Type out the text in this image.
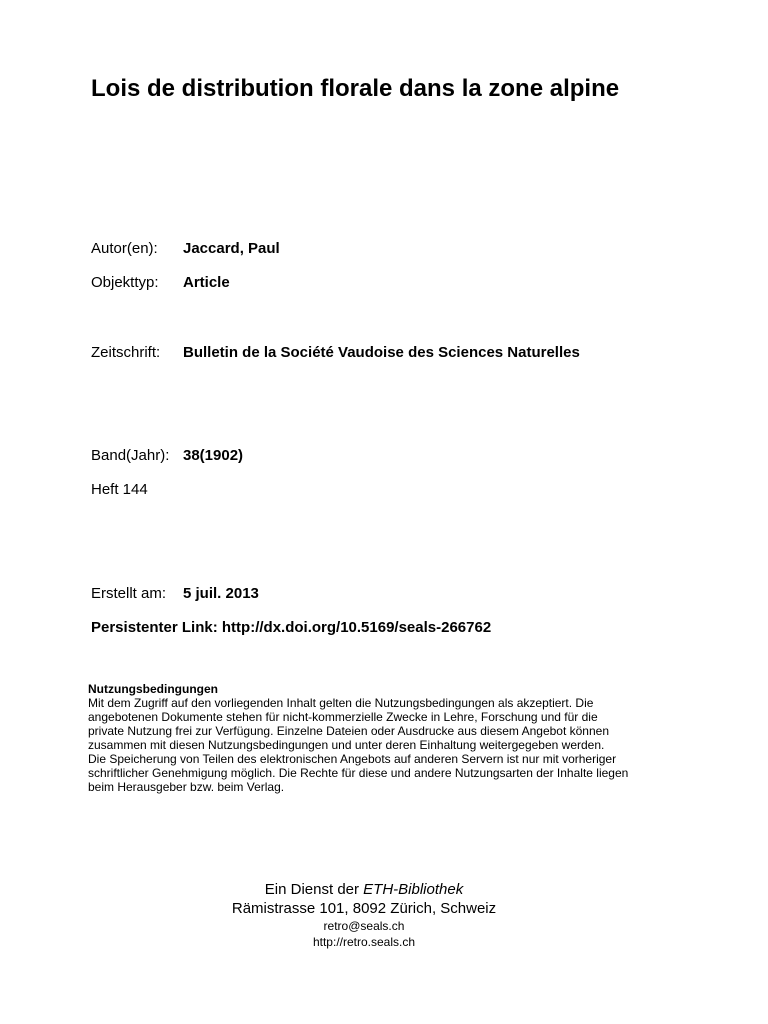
Lois de distribution florale dans la zone alpine
Autor(en): Jaccard, Paul
Objekttyp: Article
Zeitschrift: Bulletin de la Société Vaudoise des Sciences Naturelles
Band(Jahr): 38(1902)
Heft 144
Erstellt am: 5 juil. 2013
Persistenter Link: http://dx.doi.org/10.5169/seals-266762

Nutzungsbedingungen

Mit dem Zugriff auf den vorliegenden Inhalt gelten die Nutzungsbedingungen als akzeptiert. Die
angebotenen Dokumente stehen für nicht-kommerzielle Zwecke in Lehre, Forschung und für die
private Nutzung frei zur Verfügung. Einzelne Dateien oder Ausdrucke aus diesem Angebot können
zusammen mit diesen Nutzungsbedingungen und unter deren Einhaltung weitergegeben werden.
Die Speicherung von Teilen des elektronischen Angebots auf anderen Servern ist nur mit vorheriger
schriftlicher Genehmigung möglich. Die Rechte für diese und andere Nutzungsarten der Inhalte liegen
beim Herausgeber bzw. beim Verlag.

Ein Dienst der ETH-Bibliothek
Rämistrasse 101, 8092 Zürich, Schweiz
retro@seals.ch
http://retro.seals.ch
